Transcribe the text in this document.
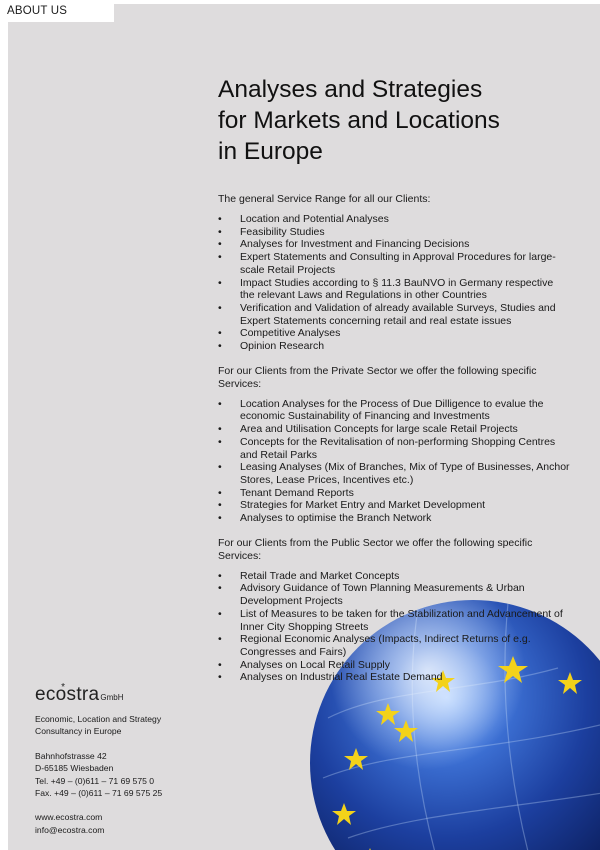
ABOUT US
Analyses and Strategies
for Markets and Locations
in Europe

The general Service Range for all our Clients:

• Location and Potential Analyses
• Feasibility Studies
• Analyses for Investment and Financing Decisions
• Expert Statements and Consulting in Approval Procedures for large-scale Retail Projects
• Impact Studies according to § 11.3 BauNVO in Germany respective the relevant Laws and Regulations in other Countries
• Verification and Validation of already available Surveys, Studies and Expert Statements concerning retail and real estate issues
• Competitive Analyses
• Opinion Research

For our Clients from the Private Sector we offer the following specific Services:

• Location Analyses for the Process of Due Dilligence to evalue the economic Sustainability of Financing and Investments
• Area and Utilisation Concepts for large scale Retail Projects
• Concepts for the Revitalisation of non-performing Shopping Centres and Retail Parks
• Leasing Analyses (Mix of Branches, Mix of Type of Businesses, Anchor Stores, Lease Prices, Incentives etc.)
• Tenant Demand Reports
• Strategies for Market Entry and Market Development
• Analyses to optimise the Branch Network

For our Clients from the Public Sector we offer the following specific Services:

• Retail Trade and Market Concepts
• Advisory Guidance of Town Planning Measurements & Urban Development Projects
• List of Measures to be taken for the Stabilization and Advancement of Inner City Shopping Streets
• Regional Economic Analyses (Impacts, Indirect Returns of e.g. Congresses and Fairs)
• Analyses on Local Retail Supply
• Analyses on Industrial Real Estate Demand
eco *straGmbH
Economic, Location and Strategy
Consultancy in Europe
Bahnhofstrasse 42
D-65185 Wiesbaden
Tel. +49 – (0)611 – 71 69 575 0
Fax. +49 – (0)611 – 71 69 575 25
www.ecostra.com
info@ecostra.com
